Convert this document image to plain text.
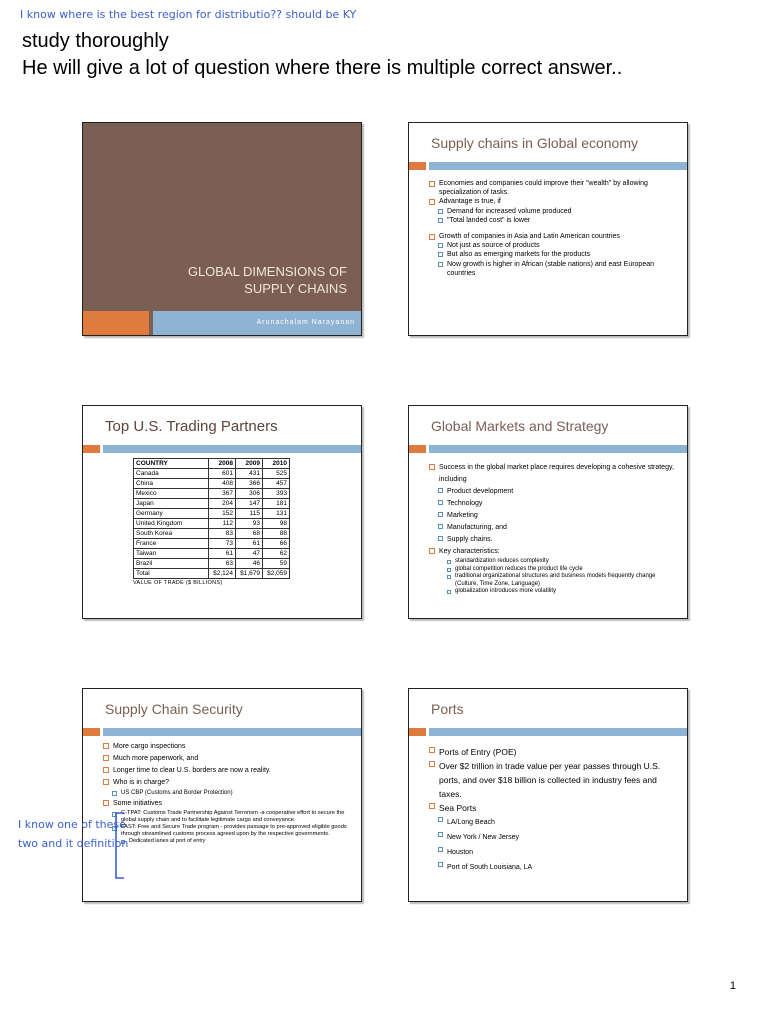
I know where is the best region for distributio?? should be KY
study thoroughly
He will give a lot of question where there is multiple correct answer..
GLOBAL DIMENSIONS OF
SUPPLY CHAINS
Arunachalam Narayanan
Supply chains in Global economy
Economies and companies could improve their "wealth" by allowing specialization of tasks.
Advantage is true, if
Demand for increased volume produced
"Total landed cost" is lower
Growth of companies in Asia and Latin American countries
Not just as source of products
But also as emerging markets for the products
Now growth is higher in African (stable nations) and east European countries
Top U.S. Trading Partners
COUNTRY	2008	2009	2010
Canada	601	431	525
China	408	366	457
Mexico	367	306	393
Japan	204	147	181
Germany	152	115	131
United Kingdom	112	93	98
South Korea	83	68	88
France	73	61	66
Taiwan	61	47	62
Brazil	63	46	59
Total	$2,124	$1,679	$2,059
VALUE OF TRADE ($ BILLIONS)
Global Markets and Strategy
Success in the global market place requires developing a cohesive strategy, including
Product development
Technology
Marketing
Manufacturing, and
Supply chains.
Key characteristics:
standardization reduces complexity
global competition reduces the product life cycle
traditional organizational structures and business models frequently change (Culture, Time Zone, Language)
globalization introduces more volatility
Supply Chain Security
More cargo inspections
Much more paperwork, and
Longer time to clear U.S. borders are now a reality.
Who is in charge?
US CBP (Customs and Border Protection)
Some initiatives
C-TPAT: Customs Trade Partnership Against Terrorism -a cooperative effort to secure the global supply chain and to facilitate legitimate cargo and conveyance.
FAST: Free and Secure Trade program - provides passage to pre-approved eligible goods through streamlined customs process agreed upon by the respective governments.
Dedicated lanes at port of entry
I know one of these
two and it definition
Ports
Ports of Entry (POE)
Over $2 trillion in trade value per year passes through U.S. ports, and over $18 billion is collected in industry fees and taxes.
Sea Ports
LA/Long Beach
New York / New Jersey
Houston
Port of South Louisiana, LA
1
